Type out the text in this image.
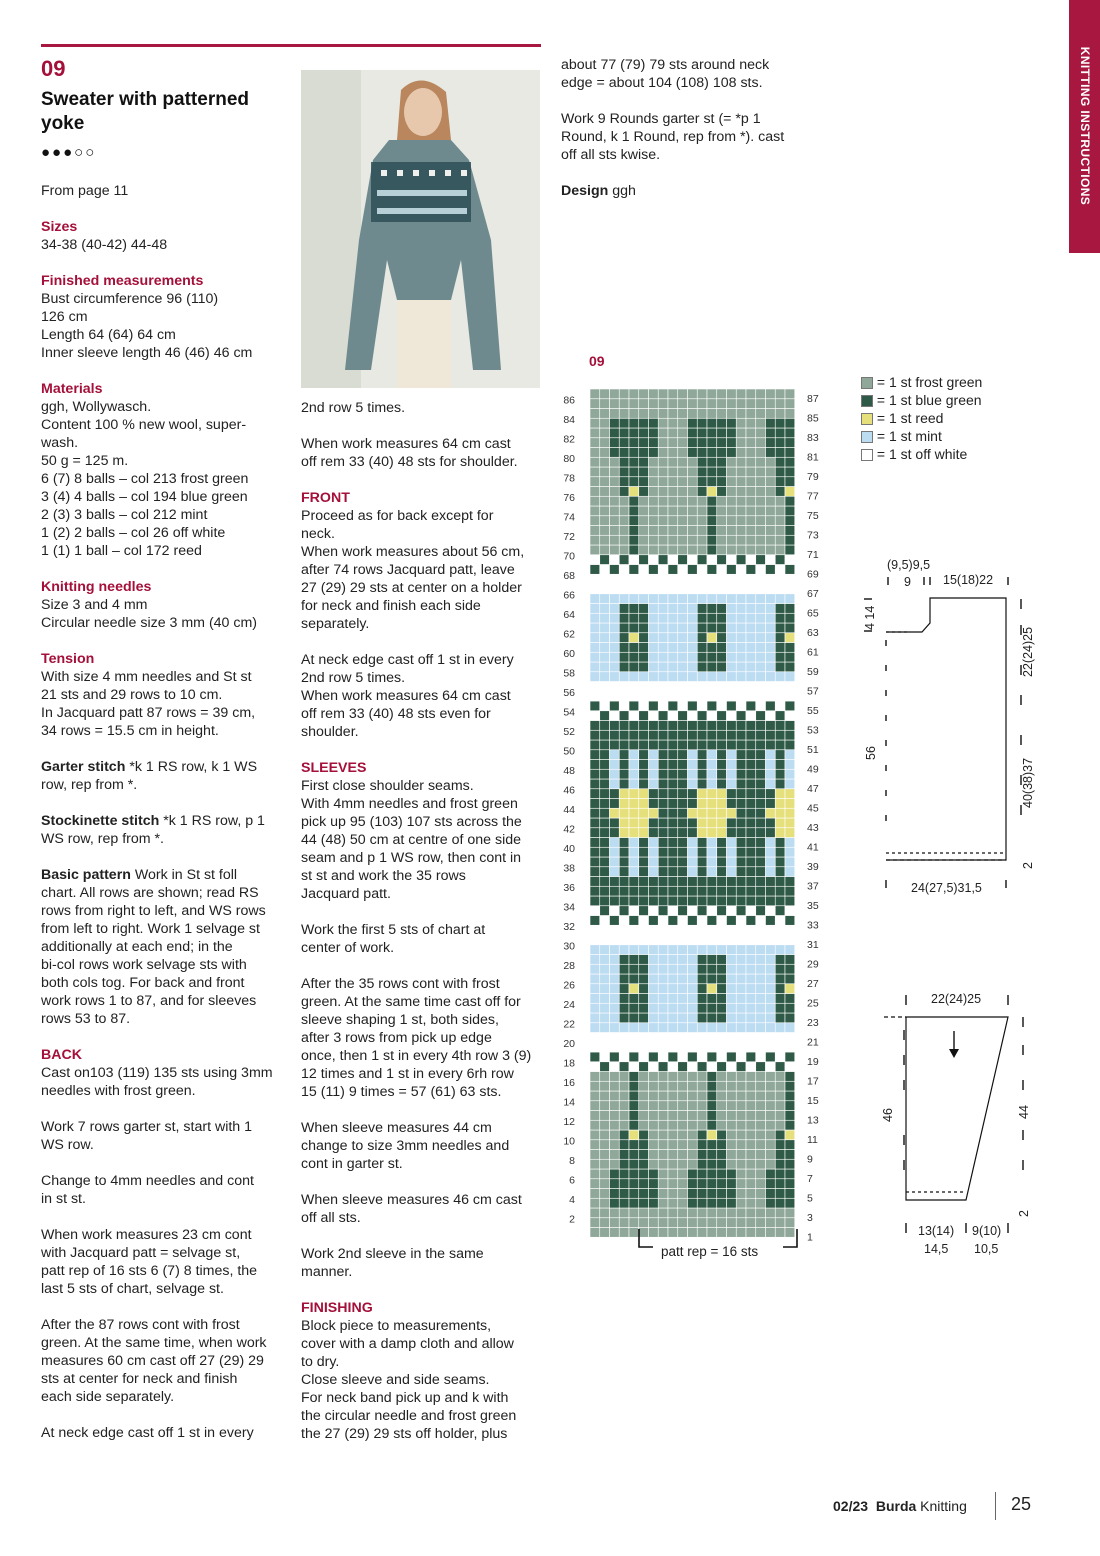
KNITTING INSTRUCTIONS
09
Sweater with patterned yoke
●●●○○
From page 11
Sizes
34-38 (40-42) 44-48
Finished measurements
Bust circumference 96 (110)
126 cm
Length 64 (64) 64 cm
Inner sleeve length 46 (46) 46 cm
Materials
ggh, Wollywasch.
Content 100 % new wool, super-
wash.
50 g = 125 m.
6 (7) 8 balls – col 213 frost green
3 (4) 4 balls – col 194 blue green
2 (3) 3 balls – col 212 mint
1 (2) 2 balls – col 26 off white
1 (1) 1 ball – col 172 reed
Knitting needles
Size 3 and 4 mm
Circular needle size 3 mm (40 cm)
Tension
With size 4 mm needles and St st
21 sts and 29 rows to 10 cm.
In Jacquard patt 87 rows = 39 cm,
34 rows = 15.5 cm in height.
Garter stitch *k 1 RS row, k 1 WS
row, rep from *.
Stockinette stitch *k 1 RS row, p 1
WS row, rep from *.
Basic pattern Work in St st foll
chart. All rows are shown; read RS
rows from right to left, and WS rows
from left to right. Work 1 selvage st
additionally at each end; in the
bi-col rows work selvage sts with
both cols tog. For back and front
work rows 1 to 87, and for sleeves
rows 53 to 87.
BACK
Cast on103 (119) 135 sts using 3mm
needles with frost green.
Work 7 rows garter st, start with 1
WS row.
Change to 4mm needles and cont
in st st.
When work measures 23 cm cont
with Jacquard patt = selvage st,
patt rep of 16 sts 6 (7) 8 times, the
last 5 sts of chart, selvage st.
After the 87 rows cont with frost
green. At the same time, when work
measures 60 cm cast off 27 (29) 29
sts at center for neck and finish
each side separately.
At neck edge cast off 1 st in every
2nd row 5 times.
When work measures 64 cm cast
off rem 33 (40) 48 sts for shoulder.
FRONT
Proceed as for back except for
neck.
When work measures about 56 cm,
after 74 rows Jacquard patt, leave
27 (29) 29 sts at center on a holder
for neck and finish each side
separately.
At neck edge cast off 1 st in every
2nd row 5 times.
When work measures 64 cm cast
off rem 33 (40) 48 sts even for
shoulder.
SLEEVES
First close shoulder seams.
With 4mm needles and frost green
pick up 95 (103) 107 sts across the
44 (48) 50 cm at centre of one side
seam and p 1 WS row, then cont in
st st and work the 35 rows
Jacquard patt.
Work the first 5 sts of chart at
center of work.
After the 35 rows cont with frost
green. At the same time cast off for
sleeve shaping 1 st, both sides,
after 3 rows from pick up edge
once, then 1 st in every 4th row 3 (9)
12 times and 1 st in every 6rh row
15 (11) 9 times = 57 (61) 63 sts.
When sleeve measures 44 cm
change to size 3mm needles and
cont in garter st.
When sleeve measures 46 cm cast
off all sts.
Work 2nd sleeve in the same
manner.
FINISHING
Block piece to measurements,
cover with a damp cloth and allow
to dry.
Close sleeve and side seams.
For neck band pick up and k with
the circular needle and frost green
the 27 (29) 29 sts off holder, plus
about 77 (79) 79 sts around neck
edge = about 104 (108) 108 sts.
Work 9 Rounds garter st (= *p 1
Round, k 1 Round, rep from *). cast
off all sts kwise.
Design ggh
09
2
4
6
8
10
12
14
16
18
20
22
24
26
28
30
32
34
36
38
40
42
44
46
48
50
52
54
56
58
60
62
64
66
68
70
72
74
76
78
80
82
84
86
1
3
5
7
9
11
13
15
17
19
21
23
25
27
29
31
33
35
37
39
41
43
45
47
49
51
53
55
57
59
61
63
65
67
69
71
73
75
77
79
81
83
85
87
patt rep = 16 sts
= 1 st frost green
= 1 st blue green
= 1 st reed
= 1 st mint
= 1 st off white
(9,5)9,5
9	15(18)22
4 14
56
22(24)25
40(38)37
2
24(27,5)31,5
22(24)25
46	44
2
13(14)
14,5
9(10)
10,5
02/23 Burda Knitting 25
